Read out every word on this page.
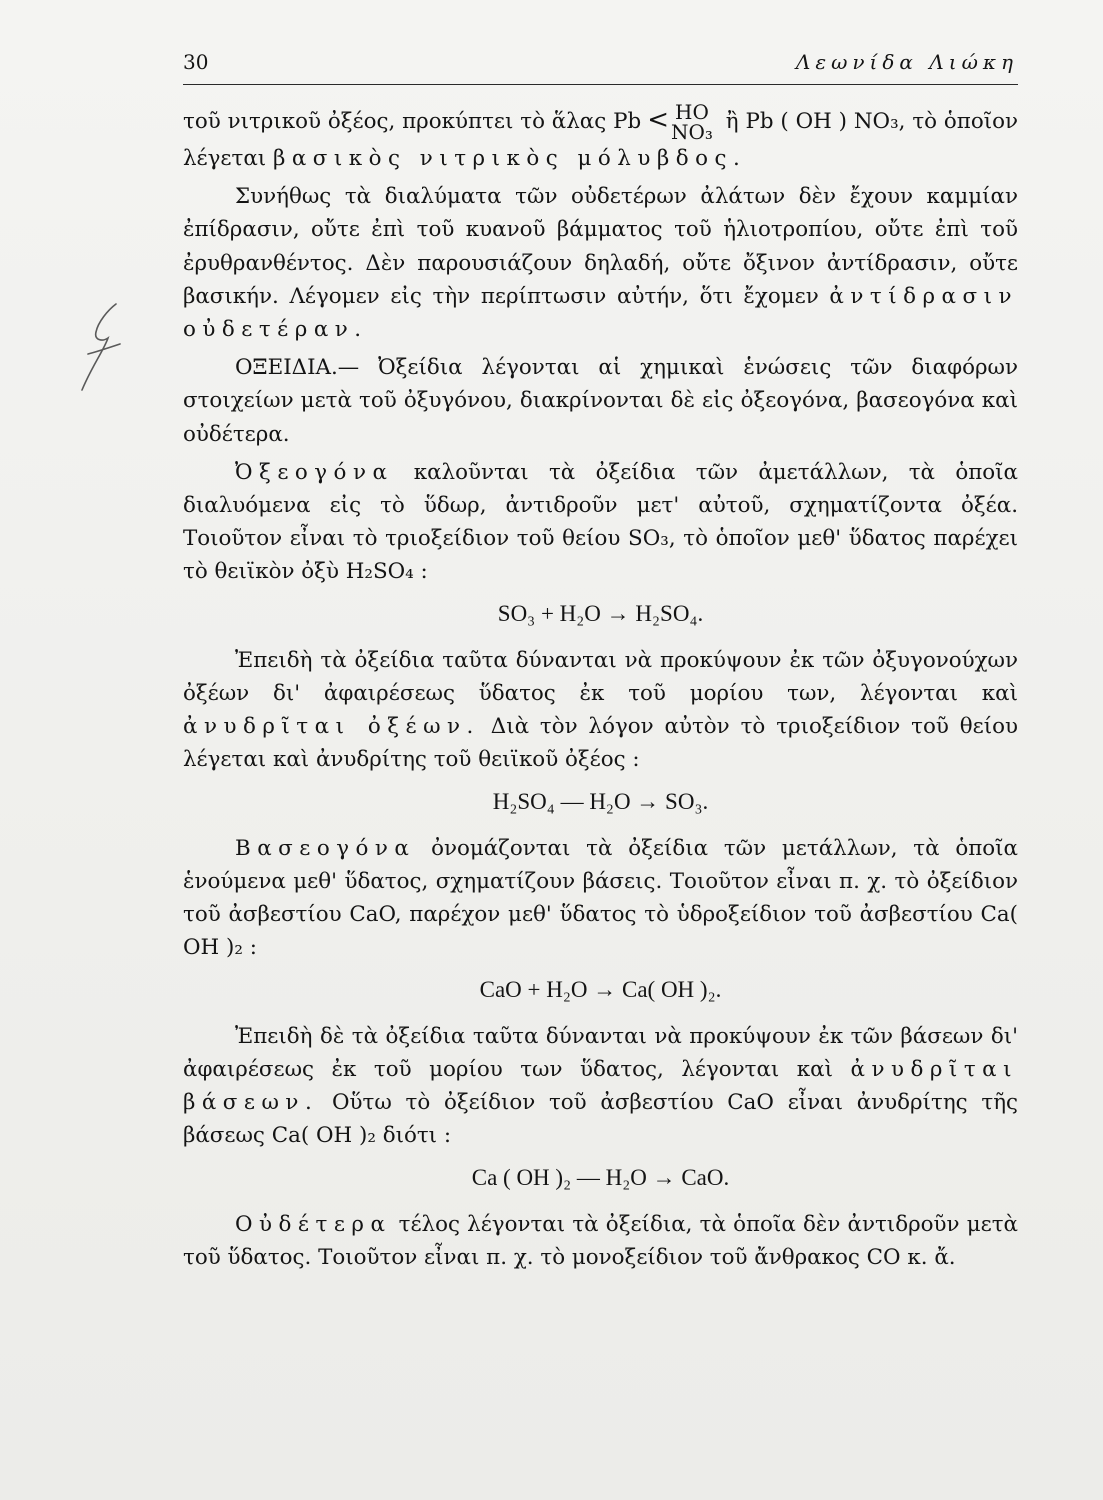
30	Λεωνίδα Λιώκη

τοῦ νιτρικοῦ ὀξέος, προκύπτει τὸ ἅλας Pb < HO
NO₃ ἢ Pb ( OH ) NO₃, τὸ ὁποῖον λέγεται βασικὸς νιτρικὸς μόλυβδος.

Συνήθως τὰ διαλύματα τῶν οὐδετέρων ἀλάτων δὲν ἔχουν καμμίαν ἐπίδρασιν, οὔτε ἐπὶ τοῦ κυανοῦ βάμματος τοῦ ἡλιοτροπίου, οὔτε ἐπὶ τοῦ ἐρυθρανθέντος. Δὲν παρουσιάζουν δηλαδή, οὔτε ὄξινον ἀντίδρασιν, οὔτε βασικήν. Λέγομεν εἰς τὴν περίπτωσιν αὐτήν, ὅτι ἔχομεν ἀντίδρασιν οὐδετέραν.

ΟΞΕΙΔΙΑ.— Ὀξείδια λέγονται αἱ χημικαὶ ἑνώσεις τῶν διαφόρων στοιχείων μετὰ τοῦ ὀξυγόνου, διακρίνονται δὲ εἰς ὀξεογόνα, βασεογόνα καὶ οὐδέτερα.

Ὀξεογόνα καλοῦνται τὰ ὀξείδια τῶν ἀμετάλλων, τὰ ὁποῖα διαλυόμενα εἰς τὸ ὕδωρ, ἀντιδροῦν μετ' αὐτοῦ, σχηματίζοντα ὀξέα. Τοιοῦτον εἶναι τὸ τριοξείδιον τοῦ θείου SO₃, τὸ ὁποῖον μεθ' ὕδατος παρέχει τὸ θειϊκὸν ὀξὺ H₂SO₄ :

SO₃ + H₂O → H₂SO₄.

Ἐπειδὴ τὰ ὀξείδια ταῦτα δύνανται νὰ προκύψουν ἐκ τῶν ὀξυγονούχων ὀξέων δι' ἀφαιρέσεως ὕδατος ἐκ τοῦ μορίου των, λέγονται καὶ ἀνυδρῖται ὀξέων. Διὰ τὸν λόγον αὐτὸν τὸ τριοξείδιον τοῦ θείου λέγεται καὶ ἀνυδρίτης τοῦ θειϊκοῦ ὀξέος :

H₂SO₄ — H₂O → SO₃.

Βασεογόνα ὀνομάζονται τὰ ὀξείδια τῶν μετάλλων, τὰ ὁποῖα ἑνούμενα μεθ' ὕδατος, σχηματίζουν βάσεις. Τοιοῦτον εἶναι π. χ. τὸ ὀξείδιον τοῦ ἀσβεστίου CaO, παρέχον μεθ' ὕδατος τὸ ὑδροξείδιον τοῦ ἀσβεστίου Ca( OH )₂ :

CaO + H₂O → Ca( OH )₂.

Ἐπειδὴ δὲ τὰ ὀξείδια ταῦτα δύνανται νὰ προκύψουν ἐκ τῶν βάσεων δι' ἀφαιρέσεως ἐκ τοῦ μορίου των ὕδατος, λέγονται καὶ ἀνυδρῖται βάσεων. Οὕτω τὸ ὀξείδιον τοῦ ἀσβεστίου CaO εἶναι ἀνυδρίτης τῆς βάσεως Ca( OH )₂ διότι :

Ca ( OH )₂ — H₂O → CaO.

Οὐδέτερα τέλος λέγονται τὰ ὀξείδια, τὰ ὁποῖα δὲν ἀντιδροῦν μετὰ τοῦ ὕδατος. Τοιοῦτον εἶναι π. χ. τὸ μονοξείδιον τοῦ ἄνθρακος CO κ. ἄ.
